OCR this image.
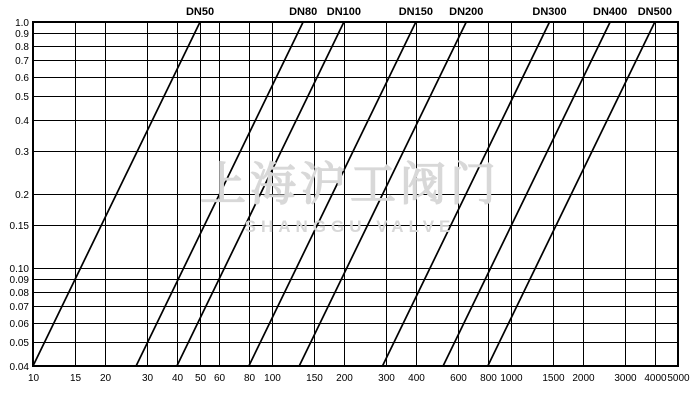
上海沪工阀门
SHANGGU VALVE
10	15 20	30 40 50 60 80 100	150 200	300 400	600 800 1000 1500 2000 3000 4000 5000
0.04
0.05
0.06
0.07
0.08
0.09
0.10
0.15
0.2
0.3
0.4
0.5
0.6
0.7
0.8
0.9
1.0
DN50	DN80 DN100	DN150 DN200	DN300 DN400 DN500
